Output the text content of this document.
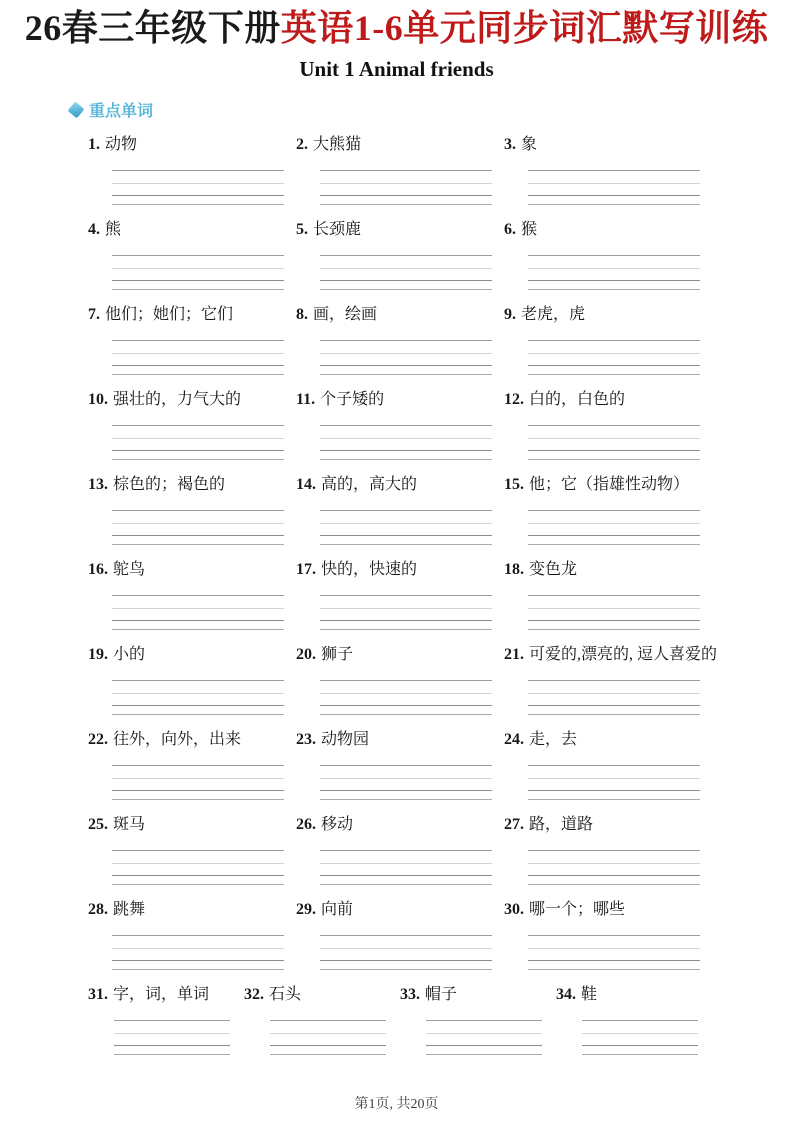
26春三年级下册英语1-6单元同步词汇默写训练
Unit 1 Animal friends
重点单词
1. 动物	2. 大熊猫	3. 象
4. 熊	5. 长颈鹿	6. 猴
7. 他们；她们；它们	8. 画，绘画	9. 老虎，虎
10. 强壮的，力气大的	11. 个子矮的	12. 白的，白色的
13. 棕色的；褐色的	14. 高的，高大的	15. 他；它（指雄性动物）
16. 鸵鸟	17. 快的，快速的	18. 变色龙
19. 小的	20. 狮子	21. 可爱的,漂亮的, 逗人喜爱的
22. 往外，向外，出来	23. 动物园	24. 走，去
25. 斑马	26. 移动	27. 路，道路
28. 跳舞	29. 向前	30. 哪一个；哪些
31. 字，词，单词	32. 石头	33. 帽子	34. 鞋
第1页, 共20页
